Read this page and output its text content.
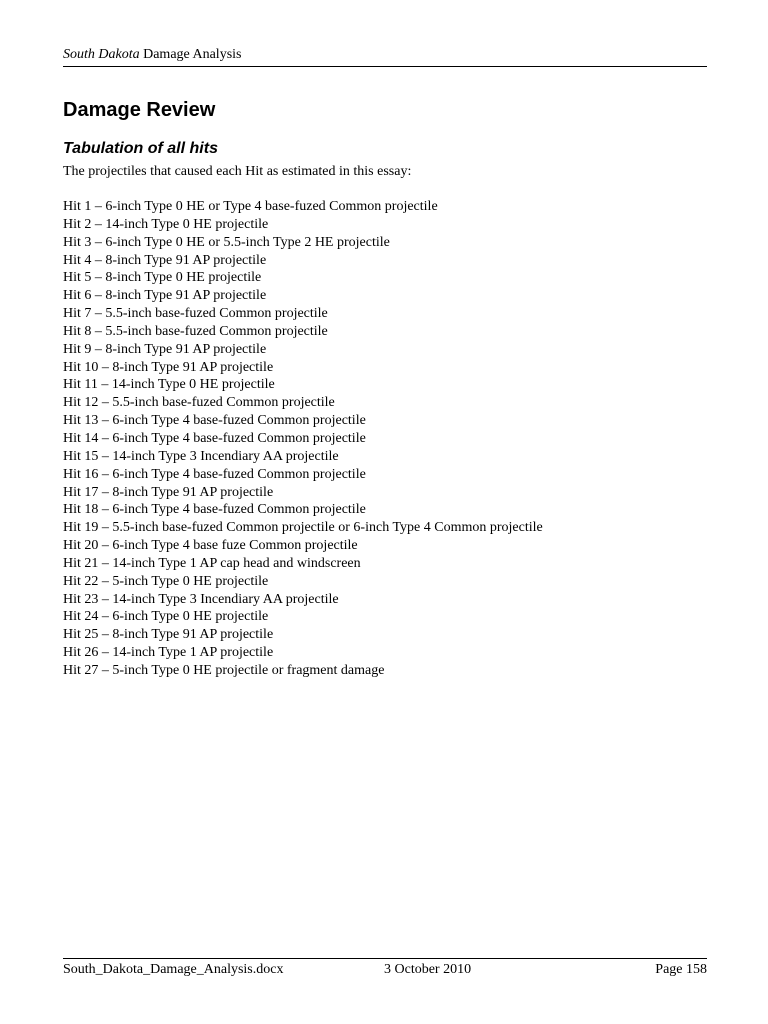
South Dakota Damage Analysis
Damage Review
Tabulation of all hits

The projectiles that caused each Hit as estimated in this essay:

Hit 1 – 6-inch Type 0 HE or Type 4 base-fuzed Common projectile
Hit 2 – 14-inch Type 0 HE projectile
Hit 3 – 6-inch Type 0 HE or 5.5-inch Type 2 HE projectile
Hit 4 – 8-inch Type 91 AP projectile
Hit 5 – 8-inch Type 0 HE projectile
Hit 6 – 8-inch Type 91 AP projectile
Hit 7 – 5.5-inch base-fuzed Common projectile
Hit 8 – 5.5-inch base-fuzed Common projectile
Hit 9 – 8-inch Type 91 AP projectile
Hit 10 – 8-inch Type 91 AP projectile
Hit 11 – 14-inch Type 0 HE projectile
Hit 12 – 5.5-inch base-fuzed Common projectile
Hit 13 – 6-inch Type 4 base-fuzed Common projectile
Hit 14 – 6-inch Type 4 base-fuzed Common projectile
Hit 15 – 14-inch Type 3 Incendiary AA projectile
Hit 16 – 6-inch Type 4 base-fuzed Common projectile
Hit 17 – 8-inch Type 91 AP projectile
Hit 18 – 6-inch Type 4 base-fuzed Common projectile
Hit 19 – 5.5-inch base-fuzed Common projectile or 6-inch Type 4 Common projectile
Hit 20 – 6-inch Type 4 base fuze Common projectile
Hit 21 – 14-inch Type 1 AP cap head and windscreen
Hit 22 – 5-inch Type 0 HE projectile
Hit 23 – 14-inch Type 3 Incendiary AA projectile
Hit 24 – 6-inch Type 0 HE projectile
Hit 25 – 8-inch Type 91 AP projectile
Hit 26 – 14-inch Type 1 AP projectile
Hit 27 – 5-inch Type 0 HE projectile or fragment damage
South_Dakota_Damage_Analysis.docx	3 October 2010	Page 158
